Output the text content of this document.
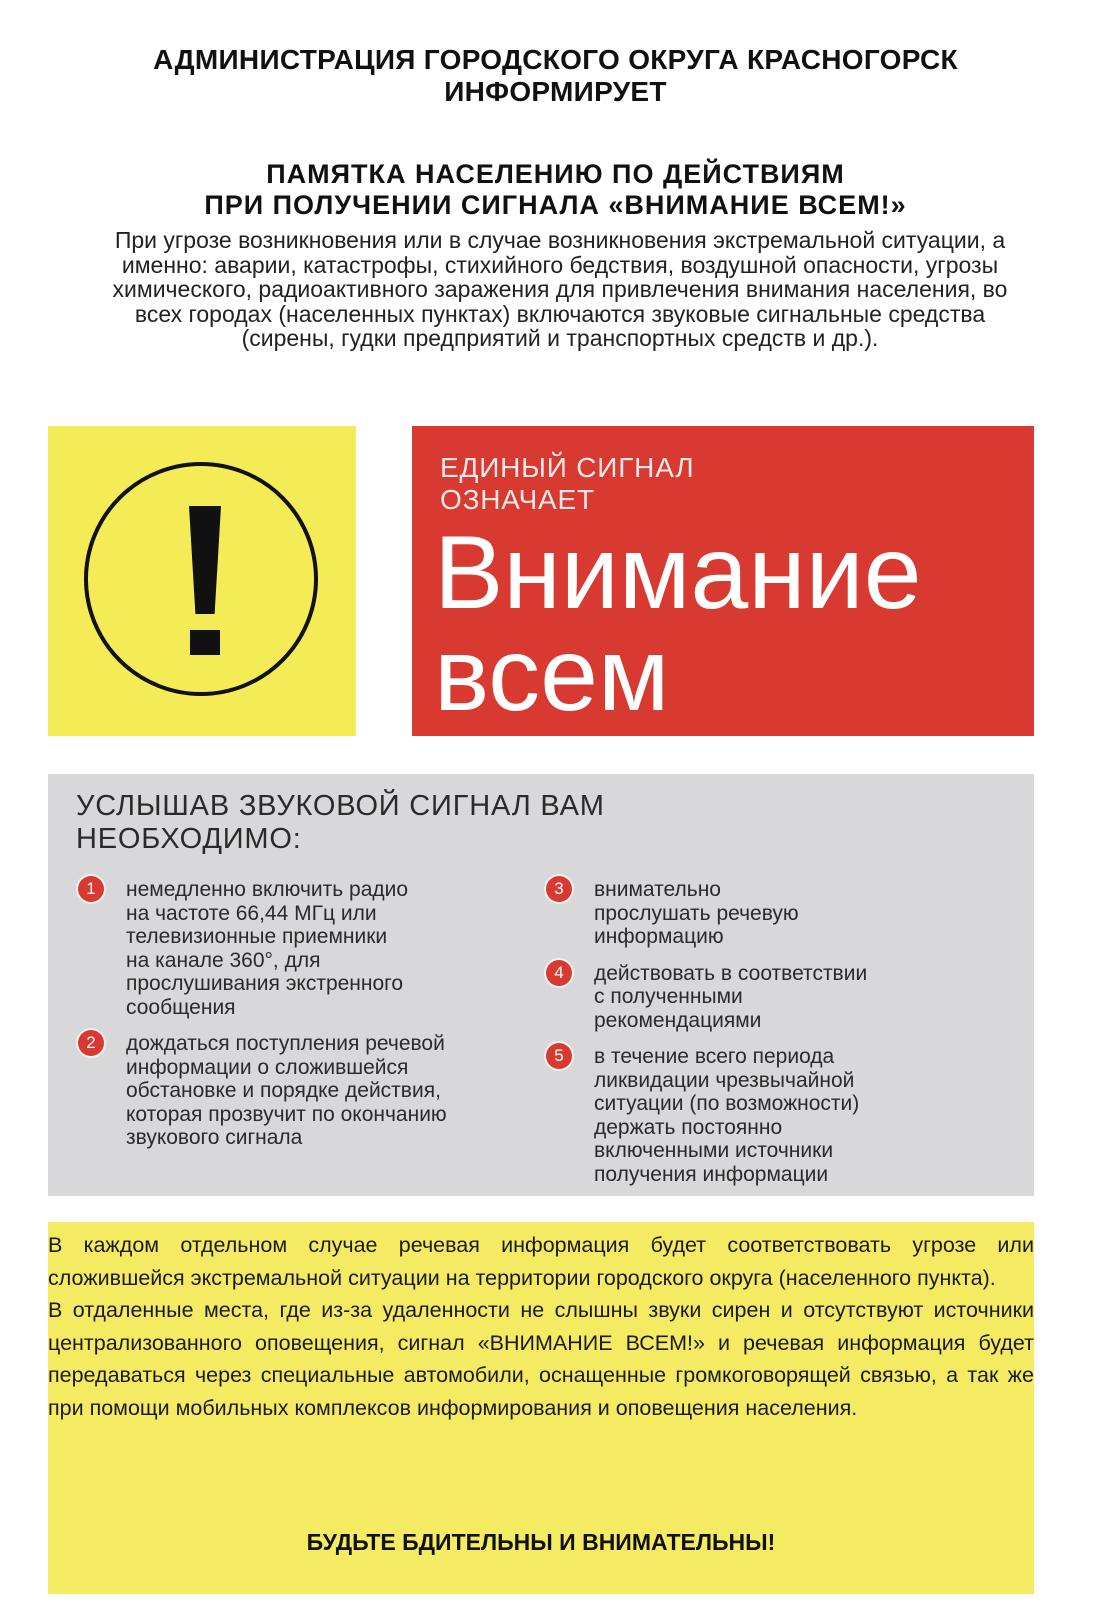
АДМИНИСТРАЦИЯ ГОРОДСКОГО ОКРУГА КРАСНОГОРСК

ИНФОРМИРУЕТ

ПАМЯТКА НАСЕЛЕНИЮ ПО ДЕЙСТВИЯМ

ПРИ ПОЛУЧЕНИИ СИГНАЛА «ВНИМАНИЕ ВСЕМ!»

При угрозе возникновения или в случае возникновения экстремальной ситуации, а именно: аварии, катастрофы, стихийного бедствия, воздушной опасности, угрозы химического, радиоактивного заражения для привлечения внимания населения, во всех городах (населенных пунктах) включаются звуковые сигнальные средства (сирены, гудки предприятий и транспортных средств и др.).
ЕДИНЫЙ СИГНАЛ
ОЗНАЧАЕТ
Внимание
всем
УСЛЫШАВ ЗВУКОВОЙ СИГНАЛ ВАМ
НЕОБХОДИМО:
1	немедленно включить радио
на частоте 66,44 МГц или
телевизионные приемники
на канале 360°, для
прослушивания экстренного
сообщения
2	дождаться поступления речевой
информации о сложившейся
обстановке и порядке действия,
которая прозвучит по окончанию
звукового сигнала
3	внимательно
прослушать речевую
информацию
4	действовать в соответствии
с полученными
рекомендациями
5	в течение всего периода
ликвидации чрезвычайной
ситуации (по возможности)
держать постоянно
включенными источники
получения информации

В каждом отдельном случае речевая информация будет соответствовать угрозе или сложившейся экстремальной ситуации на территории городского округа (населенного пункта).

В отдаленные места, где из-за удаленности не слышны звуки сирен и отсутствуют источники централизованного оповещения, сигнал «ВНИМАНИЕ ВСЕМ!» и речевая информация будет передаваться через специальные автомобили, оснащенные громкоговорящей связью, а так же при помощи мобильных комплексов информирования и оповещения населения.

БУДЬТЕ БДИТЕЛЬНЫ И ВНИМАТЕЛЬНЫ!
